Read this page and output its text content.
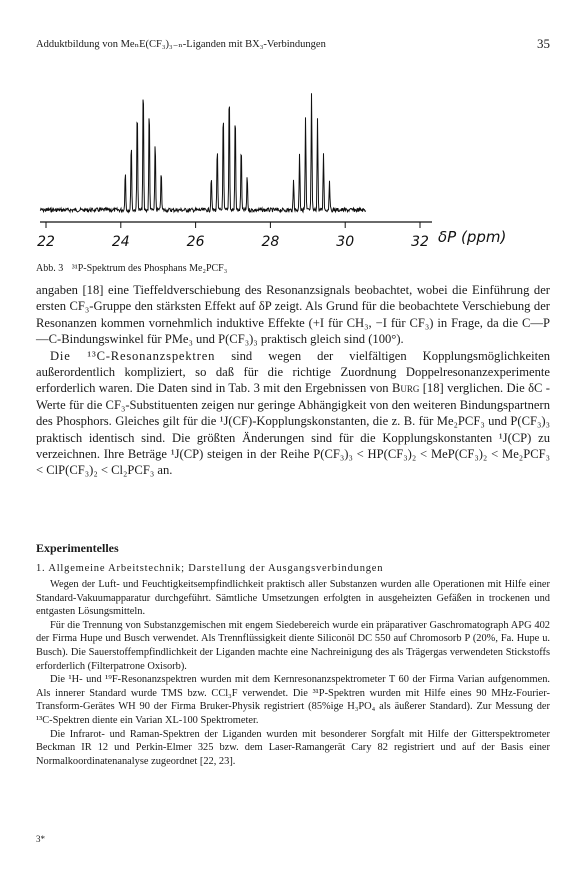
Adduktbildung von MeₙE(CF₃)₃₋ₙ-Liganden mit BX₃-Verbindungen	35
22	24	26	28	30	32 δP (ppm)
Abb. 3 ³¹P-Spektrum des Phosphans Me₂PCF₃

angaben [18] eine Tieffeldverschiebung des Resonanzsignals beobachtet, wobei die Einführung der ersten CF₃-Gruppe den stärksten Effekt auf δP zeigt. Als Grund für die beobachtete Verschiebung der Resonanzen kommen vornehmlich induktive Effekte (+I für CH₃, −I für CF₃) in Frage, da die C—P—C-Bindungswinkel für PMe₃ und P(CF₃)₃ praktisch gleich sind (100°).

Die ¹³C-Resonanzspektren sind wegen der vielfältigen Kopplungsmöglichkeiten außerordentlich kompliziert, so daß für die richtige Zuordnung Doppelresonanzexperimente erforderlich waren. Die Daten sind in Tab. 3 mit den Ergebnissen von Burg [18] verglichen. Die δC -Werte für die CF₃-Substituenten zeigen nur geringe Abhängigkeit von den weiteren Bindungspartnern des Phosphors. Gleiches gilt für die ¹J(CF)-Kopplungskonstanten, die z. B. für Me₂PCF₃ und P(CF₃)₃ praktisch identisch sind. Die größten Änderungen sind für die Kopplungskonstanten ¹J(CP) zu verzeichnen. Ihre Beträge ¹J(CP) steigen in der Reihe P(CF₃)₃ < HP(CF₃)₂ < MeP(CF₃)₂ < Me₂PCF₃ < ClP(CF₃)₂ < Cl₂PCF₃ an.

Experimentelles
1. Allgemeine Arbeitstechnik; Darstellung der Ausgangsverbindungen

Wegen der Luft- und Feuchtigkeitsempfindlichkeit praktisch aller Substanzen wurden alle Operationen mit Hilfe einer Standard-Vakuumapparatur durchgeführt. Sämtliche Umsetzungen erfolgten in ausgeheizten Gefäßen in trockenen und entgasten Lösungsmitteln.

Für die Trennung von Substanzgemischen mit engem Siedebereich wurde ein präparativer Gaschromatograph APG 402 der Firma Hupe und Busch verwendet. Als Trennflüssigkeit diente Siliconöl DC 550 auf Chromosorb P (20%, Fa. Hupe u. Busch). Die Sauerstoffempfindlichkeit der Liganden machte eine Nachreinigung des als Trägergas verwendeten Stickstoffs erforderlich (Filterpatrone Oxisorb).

Die ¹H- und ¹⁹F-Resonanzspektren wurden mit dem Kernresonanzspektrometer T 60 der Firma Varian aufgenommen. Als innerer Standard wurde TMS bzw. CCl₃F verwendet. Die ³¹P-Spektren wurden mit Hilfe eines 90 MHz-Fourier-Transform-Gerätes WH 90 der Firma Bruker-Physik registriert (85%ige H₃PO₄ als äußerer Standard). Zur Messung der ¹³C-Spektren diente ein Varian XL-100 Spektrometer.

Die Infrarot- und Raman-Spektren der Liganden wurden mit besonderer Sorgfalt mit Hilfe der Gitterspektrometer Beckman IR 12 und Perkin-Elmer 325 bzw. dem Laser-Ramangerät Cary 82 registriert und auf der Basis einer Normalkoordinatenanalyse zugeordnet [22, 23].

3*
